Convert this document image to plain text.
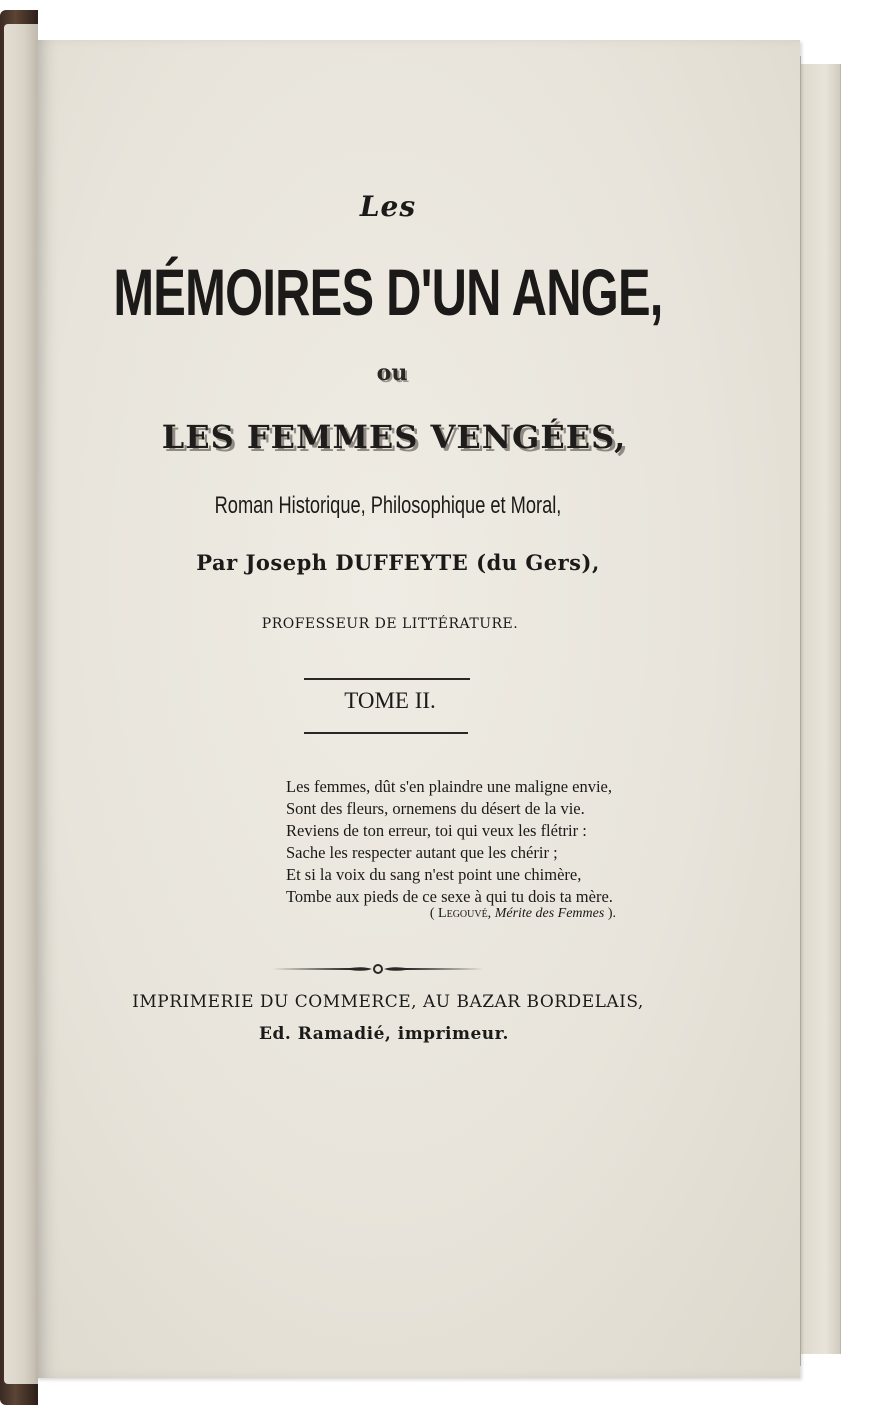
Les
MÉMOIRES D'UN ANGE,
ou
LES FEMMES VENGÉES,
Roman Historique, Philosophique et Moral,
Par Joseph DUFFEYTE (du Gers),
PROFESSEUR DE LITTÉRATURE.
TOME II.
Les femmes, dût s'en plaindre une maligne envie,
Sont des fleurs, ornemens du désert de la vie.
Reviens de ton erreur, toi qui veux les flétrir :
Sache les respecter autant que les chérir ;
Et si la voix du sang n'est point une chimère,
Tombe aux pieds de ce sexe à qui tu dois ta mère.
( Legouvé, Mérite des Femmes ).
IMPRIMERIE DU COMMERCE, AU BAZAR BORDELAIS,
Ed. Ramadié, imprimeur.
